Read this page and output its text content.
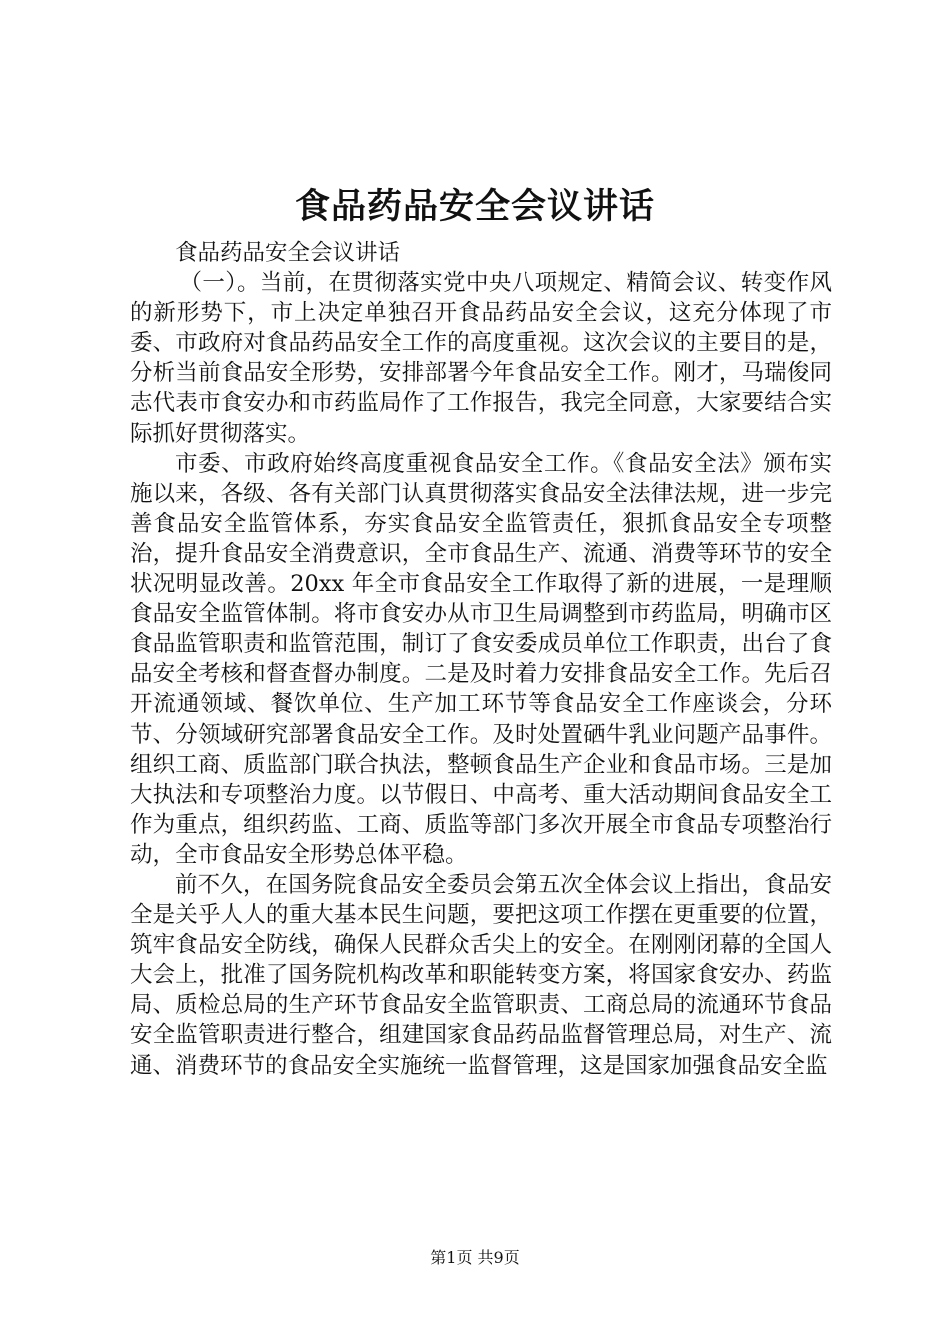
食品药品安全会议讲话

食品药品安全会议讲话

（一）。当前，在贯彻落实党中央八项规定、精简会议、转变作风的新形势下，市上决定单独召开食品药品安全会议，这充分体现了市委、市政府对食品药品安全工作的高度重视。这次会议的主要目的是，分析当前食品安全形势，安排部署今年食品安全工作。刚才，马瑞俊同志代表市食安办和市药监局作了工作报告，我完全同意，大家要结合实际抓好贯彻落实。

市委、市政府始终高度重视食品安全工作。《食品安全法》颁布实施以来，各级、各有关部门认真贯彻落实食品安全法律法规，进一步完善食品安全监管体系，夯实食品安全监管责任，狠抓食品安全专项整治，提升食品安全消费意识，全市食品生产、流通、消费等环节的安全状况明显改善。20xx 年全市食品安全工作取得了新的进展，一是理顺食品安全监管体制。将市食安办从市卫生局调整到市药监局，明确市区食品监管职责和监管范围，制订了食安委成员单位工作职责，出台了食品安全考核和督查督办制度。二是及时着力安排食品安全工作。先后召开流通领域、餐饮单位、生产加工环节等食品安全工作座谈会，分环节、分领域研究部署食品安全工作。及时处置硒牛乳业问题产品事件。组织工商、质监部门联合执法，整顿食品生产企业和食品市场。三是加大执法和专项整治力度。以节假日、中高考、重大活动期间食品安全工作为重点，组织药监、工商、质监等部门多次开展全市食品专项整治行动，全市食品安全形势总体平稳。

前不久，在国务院食品安全委员会第五次全体会议上指出，食品安全是关乎人人的重大基本民生问题，要把这项工作摆在更重要的位置，筑牢食品安全防线，确保人民群众舌尖上的安全。在刚刚闭幕的全国人大会上，批准了国务院机构改革和职能转变方案，将国家食安办、药监局、质检总局的生产环节食品安全监管职责、工商总局的流通环节食品安全监管职责进行整合，组建国家食品药品监督管理总局，对生产、流通、消费环节的食品安全实施统一监督管理，这是国家加强食品安全监

第1页 共9页
